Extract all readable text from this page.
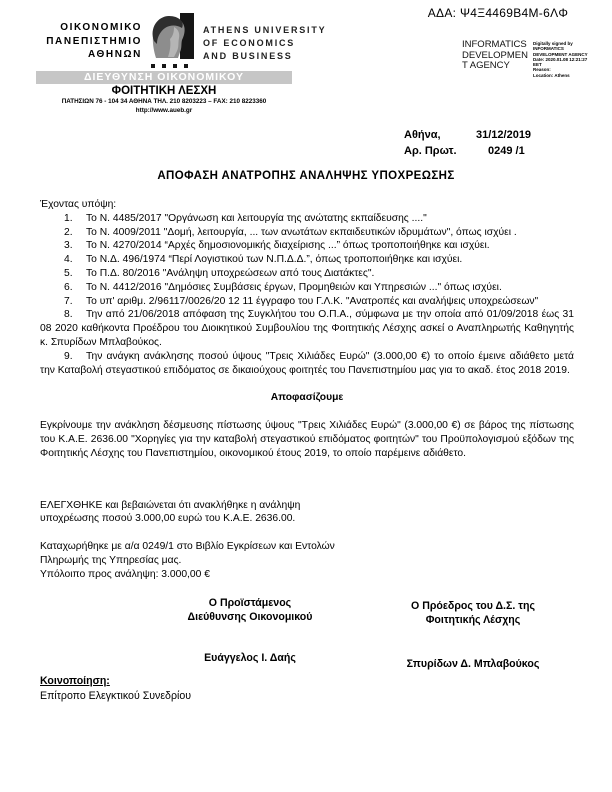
ΑΔΑ: Ψ4Ξ4469Β4Μ-6ΛΦ
ΟΙΚΟΝΟΜΙΚΟ
ΠΑΝΕΠΙΣΤΗΜΙΟ
ΑΘΗΝΩΝ
ATHENS UNIVERSITY
OF ECONOMICS
AND BUSINESS
INFORMATICS
DEVELOPMEN
T AGENCY
Digitally signed by
INFORMATICS
DEVELOPMENT AGENCY
Date: 2020.01.08 12:21:27
EET
Reason:
Location: Athens
ΔΙΕΥΘΥΝΣΗ ΟΙΚΟΝΟΜΙΚΟΥ
ΦΟΙΤΗΤΙΚΗ ΛΕΣΧΗ
ΠΑΤΗΣΙΩΝ 76 - 104 34 ΑΘΗΝΑ ΤΗΛ. 210 8203223 – FAX: 210 8223360
http://www.aueb.gr
Αθήνα,	31/12/2019
Αρ. Πρωτ.	0249 /1
ΑΠΟΦΑΣΗ ΑΝΑΤΡΟΠΗΣ ΑΝΑΛΗΨΗΣ ΥΠΟΧΡΕΩΣΗΣ

Έχοντας υπόψη:

1. Το Ν. 4485/2017 "Οργάνωση και λειτουργία της ανώτατης εκπαίδευσης ...."

2. Το Ν. 4009/2011 "Δομή, λειτουργία, ... των ανωτάτων εκπαιδευτικών ιδρυμάτων", όπως ισχύει .

3. Το Ν. 4270/2014 “Αρχές δημοσιονομικής διαχείρισης ...” όπως τροποποιήθηκε και ισχύει.

4. Το Ν.Δ. 496/1974 “Περί Λογιστικού των Ν.Π.Δ.Δ.”, όπως τροποποιήθηκε και ισχύει.

5. Το Π.Δ. 80/2016 "Ανάληψη υποχρεώσεων από τους Διατάκτες".

6. Το Ν. 4412/2016 "Δημόσιες Συμβάσεις έργων, Προμηθειών και Υπηρεσιών ..." όπως ισχύει.

7. Το υπ' αριθμ. 2/96117/0026/20 12 11 έγγραφο του Γ.Λ.Κ. "Ανατροπές και αναλήψεις υποχρεώσεων"

8. Την από 21/06/2018 απόφαση της Συγκλήτου του Ο.Π.Α., σύμφωνα με την οποία από 01/09/2018 έως 31 08 2020 καθήκοντα Προέδρου του Διοικητικού Συμβουλίου της Φοιτητικής Λέσχης ασκεί ο Αναπληρωτής Καθηγητής κ. Σπυρίδων Μπλαβούκος.

9. Την ανάγκη ανάκλησης ποσού ύψους "Τρεις Χιλιάδες Ευρώ" (3.000,00 €) το οποίο έμεινε αδιάθετο μετά την Καταβολή στεγαστικού επιδόματος σε δικαιούχους φοιτητές του Πανεπιστημίου μας για το ακαδ. έτος 2018 2019.

Αποφασίζουμε

Εγκρίνουμε την ανάκληση δέσμευσης πίστωσης ύψους "Τρεις Χιλιάδες Ευρώ" (3.000,00 €) σε βάρος της πίστωσης του Κ.Α.Ε. 2636.00 "Χορηγίες για την καταβολή στεγαστικού επιδόματος φοιτητών" του Προϋπολογισμού εξόδων της Φοιτητικής Λέσχης του Πανεπιστημίου, οικονομικού έτους 2019, το οποίο παρέμεινε αδιάθετο.

ΕΛΕΓΧΘΗΚΕ και βεβαιώνεται ότι ανακλήθηκε η ανάληψη
υποχρέωσης ποσού 3.000,00 ευρώ του Κ.Α.Ε. 2636.00.
Καταχωρήθηκε με α/α 0249/1 στο Βιβλίο Εγκρίσεων και Εντολών
Πληρωμής της Υπηρεσίας μας.
Υπόλοιπο προς ανάληψη: 3.000,00 €
Ο Προϊστάμενος
Διεύθυνσης Οικονομικού
Ο Πρόεδρος του Δ.Σ. της
Φοιτητικής Λέσχης
Ευάγγελος Ι. Δαής	Σπυρίδων Δ. Μπλαβούκος
Κοινοποίηση:
Επίτροπο Ελεγκτικού Συνεδρίου
